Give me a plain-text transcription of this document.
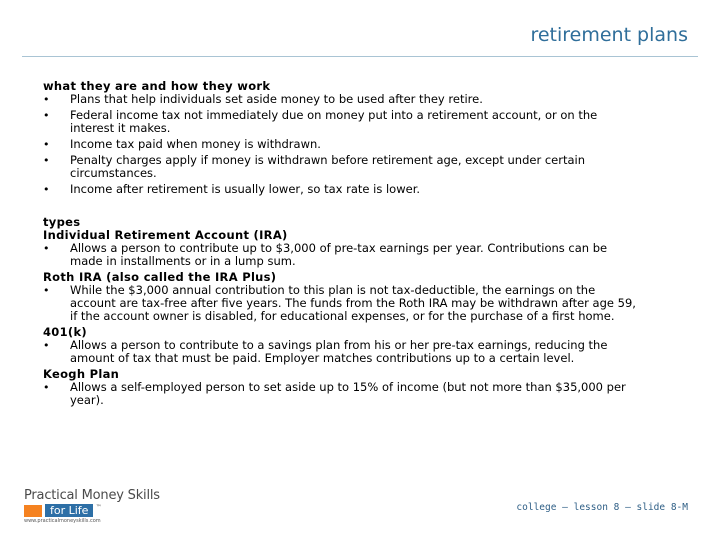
retirement plans
what they are and how they work
• Plans that help individuals set aside money to be used after they retire.
• Federal income tax not immediately due on money put into a retirement account, or on the interest it makes.
• Income tax paid when money is withdrawn.
• Penalty charges apply if money is withdrawn before retirement age, except under certain circumstances.
• Income after retirement is usually lower, so tax rate is lower.
types
Individual Retirement Account (IRA)
• Allows a person to contribute up to $3,000 of pre-tax earnings per year. Contributions can be made in installments or in a lump sum.
Roth IRA (also called the IRA Plus)
• While the $3,000 annual contribution to this plan is not tax-deductible, the earnings on the account are tax-free after five years. The funds from the Roth IRA may be withdrawn after age 59, if the account owner is disabled, for educational expenses, or for the purchase of a first home.
401(k)
• Allows a person to contribute to a savings plan from his or her pre-tax earnings, reducing the amount of tax that must be paid. Employer matches contributions up to a certain level.
Keogh Plan
• Allows a self-employed person to set aside up to 15% of income (but not more than $35,000 per year).
Practical Money Skills
for Life	™
www.practicalmoneyskills.com
college – lesson 8 – slide 8-M
